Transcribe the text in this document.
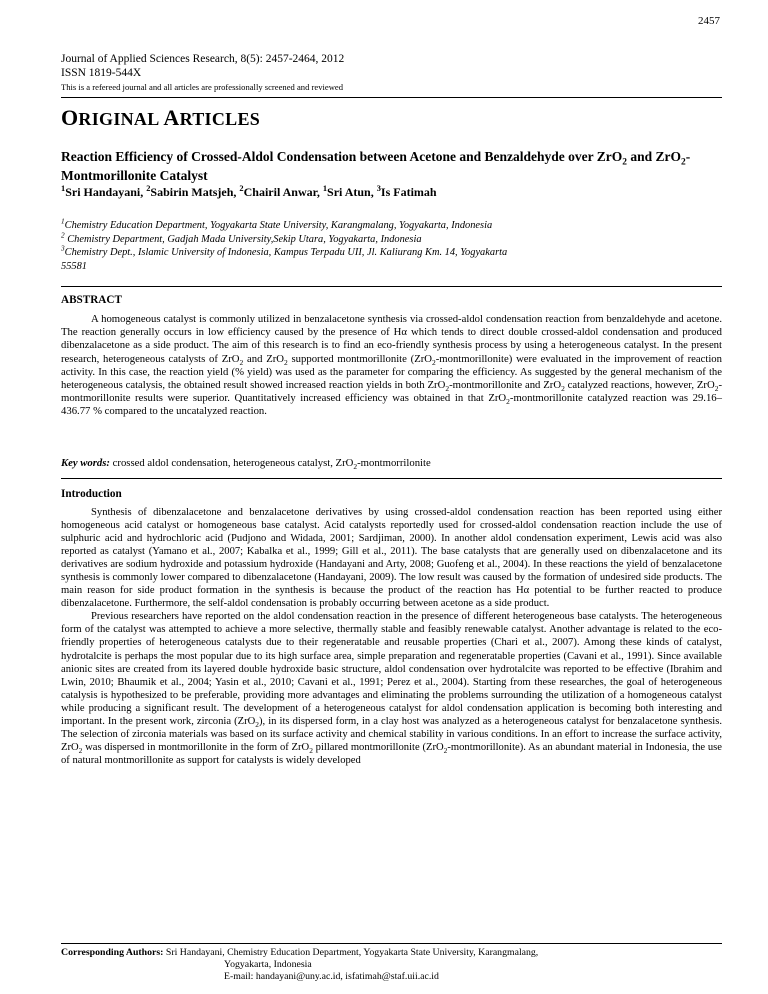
2457
Journal of Applied Sciences Research, 8(5): 2457-2464, 2012
ISSN 1819-544X
This is a refereed journal and all articles are professionally screened and reviewed
ORIGINAL ARTICLES
Reaction Efficiency of Crossed-Aldol Condensation between Acetone and Benzaldehyde over ZrO$_2$ and ZrO$_2$-Montmorillonite Catalyst
$^1$Sri Handayani, $^2$Sabirin Matsjeh, $^2$Chairil Anwar, $^1$Sri Atun, $^3$Is Fatimah
$^1$Chemistry Education Department, Yogyakarta State University, Karangmalang, Yogyakarta, Indonesia
$^2$ Chemistry Department, Gadjah Mada University,Sekip Utara, Yogyakarta, Indonesia
$^3$Chemistry Dept., Islamic University of Indonesia, Kampus Terpadu UII, Jl. Kaliurang Km. 14, Yogyakarta
55581
ABSTRACT

A homogeneous catalyst is commonly utilized in benzalacetone synthesis via crossed-aldol condensation reaction from benzaldehyde and acetone. The reaction generally occurs in low efficiency caused by the presence of Hα which tends to direct double crossed-aldol condensation and produced dibenzalacetone as a side product. The aim of this research is to find an eco-friendly synthesis process by using a heterogeneous catalyst. In the present research, heterogeneous catalysts of ZrO$_2$ and ZrO$_2$ supported montmorillonite (ZrO$_2$-montmorillonite) were evaluated in the improvement of reaction activity. In this case, the reaction yield (% yield) was used as the parameter for comparing the efficiency. As suggested by the general mechanism of the heterogeneous catalysis, the obtained result showed increased reaction yields in both ZrO$_2$-montmorillonite and ZrO$_2$ catalyzed reactions, however, ZrO$_2$-montmorillonite results were superior. Quantitatively increased efficiency was obtained in that ZrO$_2$-montmorillonite catalyzed reaction was 29.16–436.77 % compared to the uncatalyzed reaction.

Key words: crossed aldol condensation, heterogeneous catalyst, ZrO$_2$-montmorrilonite
Introduction

Synthesis of dibenzalacetone and benzalacetone derivatives by using crossed-aldol condensation reaction has been reported using either homogeneous acid catalyst or homogeneous base catalyst. Acid catalysts reportedly used for crossed-aldol condensation reaction include the use of sulphuric acid and hydrochloric acid (Pudjono and Widada, 2001; Sardjiman, 2000). In another aldol condensation experiment, Lewis acid was also reported as catalyst (Yamano et al., 2007; Kabalka et al., 1999; Gill et al., 2011). The base catalysts that are generally used on dibenzalacetone and its derivatives are sodium hydroxide and potassium hydroxide (Handayani and Arty, 2008; Guofeng et al., 2004). In these reactions the yield of benzalacetone synthesis is commonly lower compared to dibenzalacetone (Handayani, 2009). The low result was caused by the formation of undesired side products. The main reason for side product formation in the synthesis is because the product of the reaction has Hα potential to be further reacted to produce dibenzalacetone. Furthermore, the self-aldol condensation is probably occurring between acetone as a side product.

Previous researchers have reported on the aldol condensation reaction in the presence of different heterogeneous base catalysts. The heterogeneous form of the catalyst was attempted to achieve a more selective, thermally stable and feasibly renewable catalyst. Another advantage is related to the eco-friendly properties of heterogeneous catalysts due to their regeneratable and reusable properties (Chari et al., 2007). Among these kinds of catalyst, hydrotalcite is perhaps the most popular due to its high surface area, simple preparation and regeneratable properties (Cavani et al., 1991). Since available anionic sites are created from its layered double hydroxide basic structure, aldol condensation over hydrotalcite was reported to be effective (Ibrahim and Lwin, 2010; Bhaumik et al., 2004; Yasin et al., 2010; Cavani et al., 1991; Perez et al., 2004). Starting from these researches, the goal of heterogeneous catalysis is hypothesized to be preferable, providing more advantages and eliminating the problems surrounding the utilization of a homogeneous catalyst while producing a significant result. The development of a heterogeneous catalyst for aldol condensation application is becoming both interesting and important. In the present work, zirconia (ZrO$_2$), in its dispersed form, in a clay host was analyzed as a heterogeneous catalyst for benzalacetone synthesis. The selection of zirconia materials was based on its surface activity and chemical stability in various conditions. In an effort to increase the surface activity, ZrO$_2$ was dispersed in montmorillonite in the form of ZrO$_2$ pillared montmorillonite (ZrO$_2$-montmorillonite). As an abundant material in Indonesia, the use of natural montmorillonite as support for catalysts is widely developed

Corresponding Authors: Sri Handayani, Chemistry Education Department, Yogyakarta State University, Karangmalang,
Yogyakarta, Indonesia
E-mail: handayani@uny.ac.id, isfatimah@staf.uii.ac.id
